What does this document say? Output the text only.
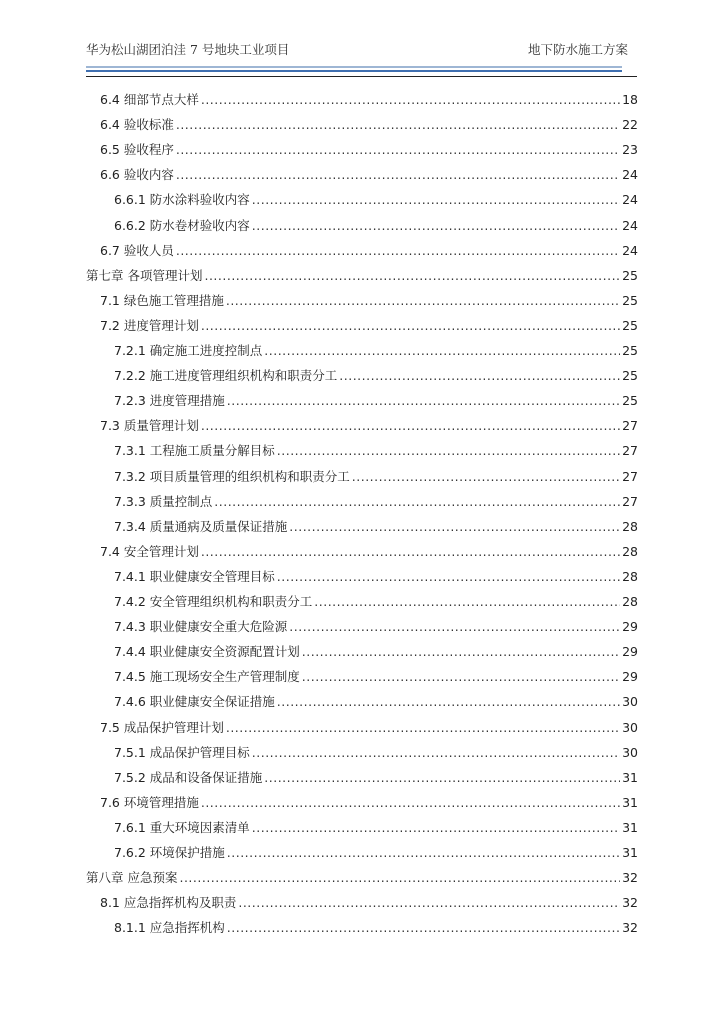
华为松山湖团泊洼 7 号地块工业项目	地下防水施工方案
6.4 细部节点大样 .....	18
6.4 验收标准 .....	22
6.5 验收程序 .....	23
6.6 验收内容 .....	24
6.6.1 防水涂料验收内容 .....	24
6.6.2 防水卷材验收内容 .....	24
6.7 验收人员 .....	24
第七章 各项管理计划 .....	25
7.1 绿色施工管理措施 .....	25
7.2 进度管理计划 .....	25
7.2.1 确定施工进度控制点 .....	25
7.2.2 施工进度管理组织机构和职责分工 .....	25
7.2.3 进度管理措施 .....	25
7.3 质量管理计划 .....	27
7.3.1 工程施工质量分解目标 .....	27
7.3.2 项目质量管理的组织机构和职责分工 .....	27
7.3.3 质量控制点 .....	27
7.3.4 质量通病及质量保证措施 .....	28
7.4 安全管理计划 .....	28
7.4.1 职业健康安全管理目标 .....	28
7.4.2 安全管理组织机构和职责分工 .....	28
7.4.3 职业健康安全重大危险源 .....	29
7.4.4 职业健康安全资源配置计划 .....	29
7.4.5 施工现场安全生产管理制度 .....	29
7.4.6 职业健康安全保证措施 .....	30
7.5 成品保护管理计划 .....	30
7.5.1 成品保护管理目标 .....	30
7.5.2 成品和设备保证措施 .....	31
7.6 环境管理措施 .....	31
7.6.1 重大环境因素清单 .....	31
7.6.2 环境保护措施 .....	31
第八章 应急预案 .....	32
8.1 应急指挥机构及职责 .....	32
8.1.1 应急指挥机构 .....	32
